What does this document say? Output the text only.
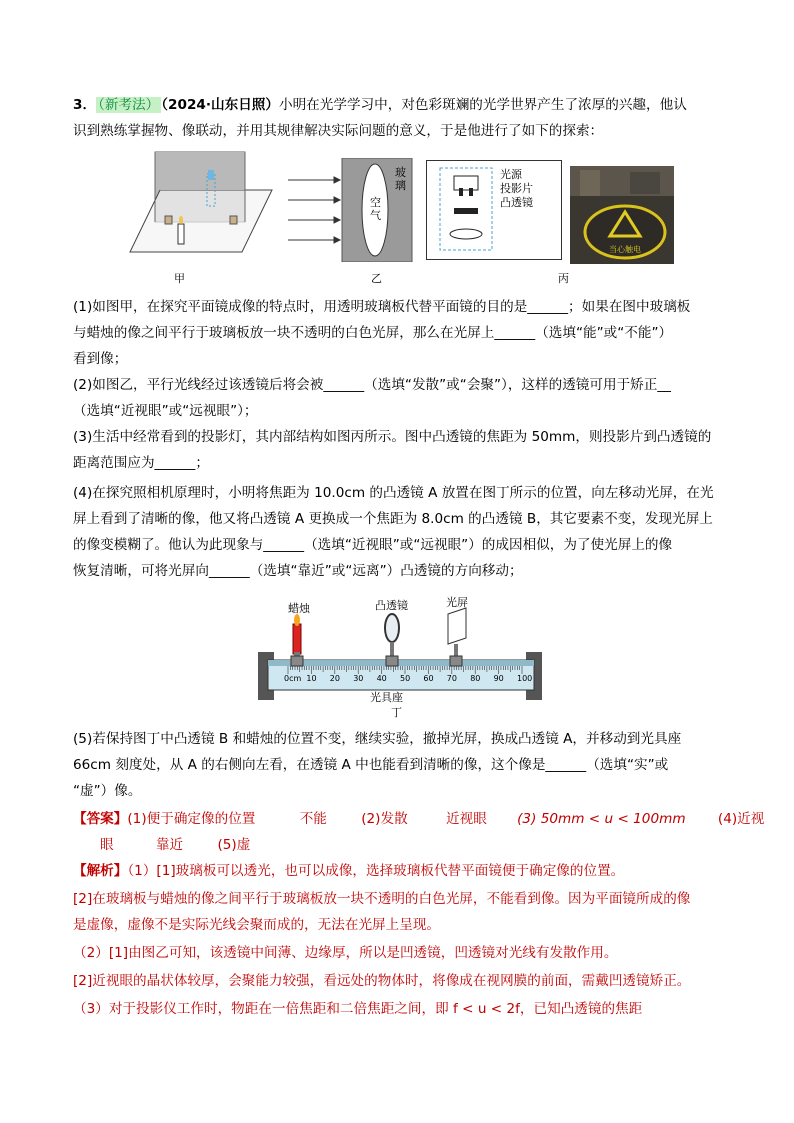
3． （新考法） （2024·山东日照）小明在光学学习中，对色彩斑斓的光学世界产生了浓厚的兴趣，他认
识到熟练掌握物、像联动，并用其规律解决实际问题的意义，于是他进行了如下的探索：
甲
玻
璃
空
气
乙
光源
投影片
凸透镜
当心触电
丙
(1)如图甲，在探究平面镜成像的特点时，用透明玻璃板代替平面镜的目的是______；如果在图中玻璃板
与蜡烛的像之间平行于玻璃板放一块不透明的白色光屏，那么在光屏上______（选填“能”或“不能”）
看到像；
(2)如图乙，平行光线经过该透镜后将会被______（选填“发散”或“会聚”），这样的透镜可用于矫正__
（选填“近视眼”或“远视眼”）；
(3)生活中经常看到的投影灯，其内部结构如图丙所示。图中凸透镜的焦距为 50mm，则投影片到凸透镜的
距离范围应为______；
(4)在探究照相机原理时，小明将焦距为 10.0cm 的凸透镜 A 放置在图丁所示的位置，向左移动光屏，在光
屏上看到了清晰的像，他又将凸透镜 A 更换成一个焦距为 8.0cm 的凸透镜 B，其它要素不变，发现光屏上
的像变模糊了。他认为此现象与______（选填“近视眼”或“远视眼”）的成因相似，为了使光屏上的像
恢复清晰，可将光屏向______（选填“靠近”或“远离”）凸透镜的方向移动；
蜡烛	凸透镜	光屏
0cm 10 20 30 40 50 60 70 80 90 100
光具座
丁
(5)若保持图丁中凸透镜 B 和蜡烛的位置不变，继续实验，撤掉光屏，换成凸透镜 A，并移动到光具座
66cm 刻度处，从 A 的右侧向左看，在透镜 A 中也能看到清晰的像，这个像是______（选填“实”或
“虚”）像。
【答案】(1)便于确定像的位置	不能	(2)发散	近视眼 (3) 50mm < u < 100mm (4)近视
眼	靠近	(5)虚
【解析】（1）[1]玻璃板可以透光，也可以成像，选择玻璃板代替平面镜便于确定像的位置。
[2]在玻璃板与蜡烛的像之间平行于玻璃板放一块不透明的白色光屏，不能看到像。因为平面镜所成的像
是虚像，虚像不是实际光线会聚而成的，无法在光屏上呈现。
（2）[1]由图乙可知，该透镜中间薄、边缘厚，所以是凹透镜，凹透镜对光线有发散作用。
[2]近视眼的晶状体较厚，会聚能力较强，看远处的物体时，将像成在视网膜的前面，需戴凹透镜矫正。
（3）对于投影仪工作时，物距在一倍焦距和二倍焦距之间，即 f < u < 2f，已知凸透镜的焦距
